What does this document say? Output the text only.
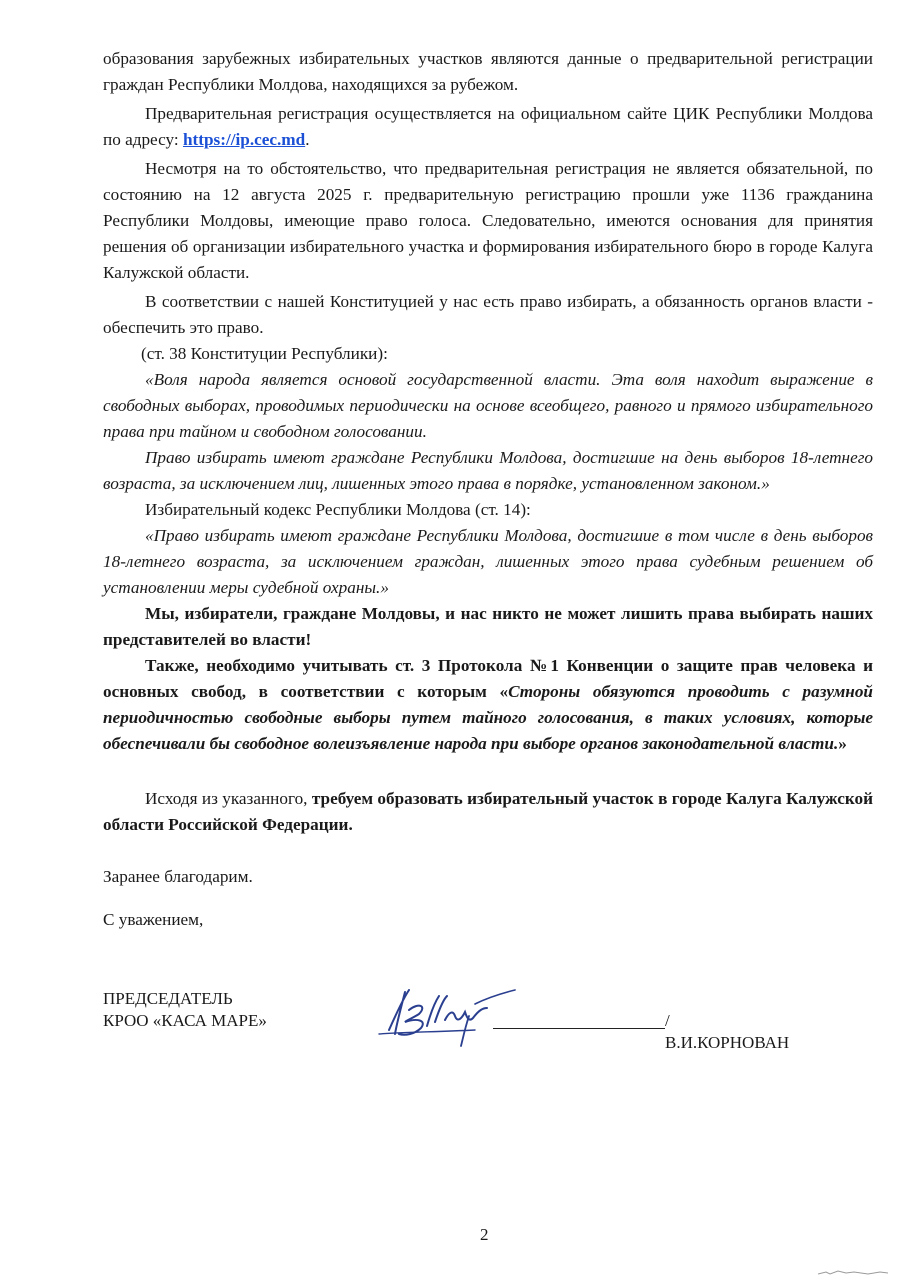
образования зарубежных избирательных участков являются данные о предварительной регистрации граждан Республики Молдова, находящихся за рубежом.

Предварительная регистрация осуществляется на официальном сайте ЦИК Республики Молдова по адресу: https://ip.cec.md.

Несмотря на то обстоятельство, что предварительная регистрация не является обязательной, по состоянию на 12 августа 2025 г. предварительную регистрацию прошли уже 1136 гражданина Республики Молдовы, имеющие право голоса. Следовательно, имеются основания для принятия решения об организации избирательного участка и формирования избирательного бюро в городе Калуга Калужской области.

В соответствии с нашей Конституцией у нас есть право избирать, а обязанность органов власти - обеспечить это право.

(ст. 38 Конституции Республики):

«Воля народа является основой государственной власти. Эта воля находит выражение в свободных выборах, проводимых периодически на основе всеобщего, равного и прямого избирательного права при тайном и свободном голосовании.

Право избирать имеют граждане Республики Молдова, достигшие на день выборов 18-летнего возраста, за исключением лиц, лишенных этого права в порядке, установленном законом.»

Избирательный кодекс Республики Молдова (ст. 14):

«Право избирать имеют граждане Республики Молдова, достигшие в том числе в день выборов 18-летнего возраста, за исключением граждан, лишенных этого права судебным решением об установлении меры судебной охраны.»

Мы, избиратели, граждане Молдовы, и нас никто не может лишить права выбирать наших представителей во власти!

Также, необходимо учитывать ст. 3 Протокола №1 Конвенции о защите прав человека и основных свобод, в соответствии с которым «Стороны обязуются проводить с разумной периодичностью свободные выборы путем тайного голосования, в таких условиях, которые обеспечивали бы свободное волеизъявление народа при выборе органов законодательной власти.»

Исходя из указанного, требуем образовать избирательный участок в городе Калуга Калужской области Российской Федерации.

Заранее благодарим.

С уважением,

ПРЕДСЕДАТЕЛЬ
КРОО «КАСА МАРЕ»	/В.И.КОРНОВАН
2
